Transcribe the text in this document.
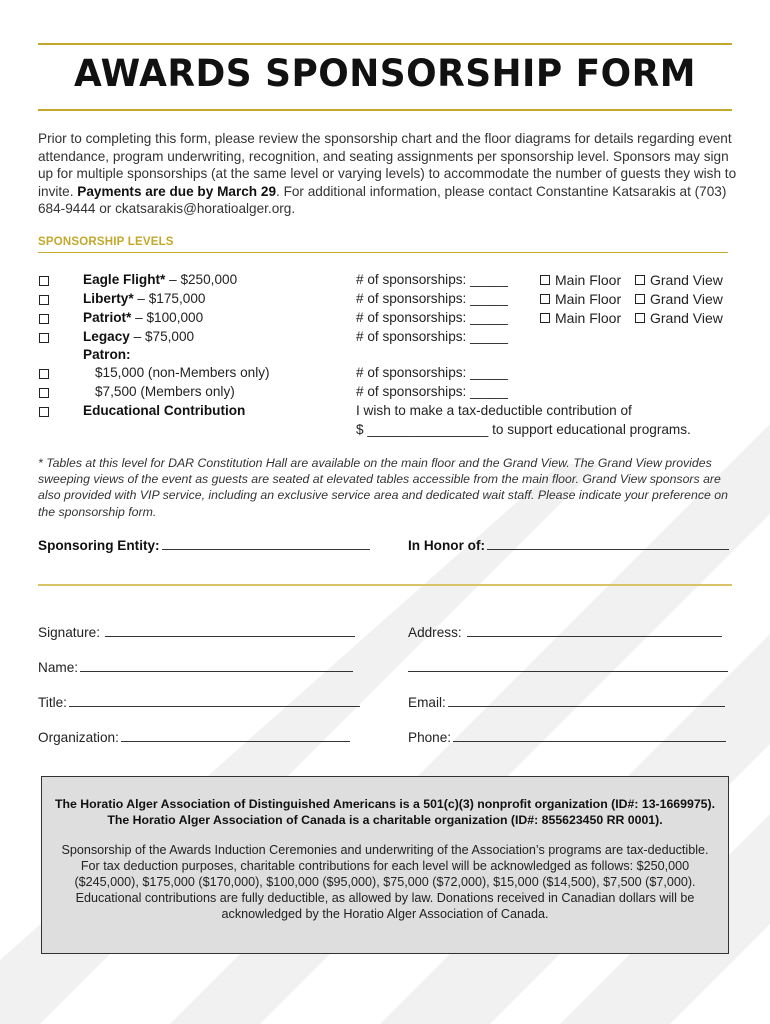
AWARDS SPONSORSHIP FORM
Prior to completing this form, please review the sponsorship chart and the floor diagrams for details regarding event attendance, program underwriting, recognition, and seating assignments per sponsorship level. Sponsors may sign up for multiple sponsorships (at the same level or varying levels) to accommodate the number of guests they wish to invite. Payments are due by March 29. For additional information, please contact Constantine Katsarakis at (703) 684-9444 or ckatsarakis@horatioalger.org.
SPONSORSHIP LEVELS
Eagle Flight* – $250,000	# of sponsorships: _____	Main Floor	Grand View
Liberty* – $175,000	# of sponsorships: _____	Main Floor	Grand View
Patriot* – $100,000	# of sponsorships: _____	Main Floor	Grand View
Legacy – $75,000	# of sponsorships: _____
Patron:
$15,000 (non-Members only)	# of sponsorships: _____
$7,500 (Members only)	# of sponsorships: _____
Educational Contribution	I wish to make a tax-deductible contribution of
$ ________________ to support educational programs.
* Tables at this level for DAR Constitution Hall are available on the main floor and the Grand View. The Grand View provides sweeping views of the event as guests are seated at elevated tables accessible from the main floor. Grand View sponsors are also provided with VIP service, including an exclusive service area and dedicated wait staff. Please indicate your preference on the sponsorship form.
Sponsoring Entity:	In Honor of:
Signature:	Address:
Name:
Title:	Email:
Organization:	Phone:
The Horatio Alger Association of Distinguished Americans is a 501(c)(3) nonprofit organization (ID#: 13-1669975). The Horatio Alger Association of Canada is a charitable organization (ID#: 855623450 RR 0001).
Sponsorship of the Awards Induction Ceremonies and underwriting of the Association’s programs are tax-deductible. For tax deduction purposes, charitable contributions for each level will be acknowledged as follows: $250,000 ($245,000), $175,000 ($170,000), $100,000 ($95,000), $75,000 ($72,000), $15,000 ($14,500), $7,500 ($7,000). Educational contributions are fully deductible, as allowed by law. Donations received in Canadian dollars will be acknowledged by the Horatio Alger Association of Canada.
